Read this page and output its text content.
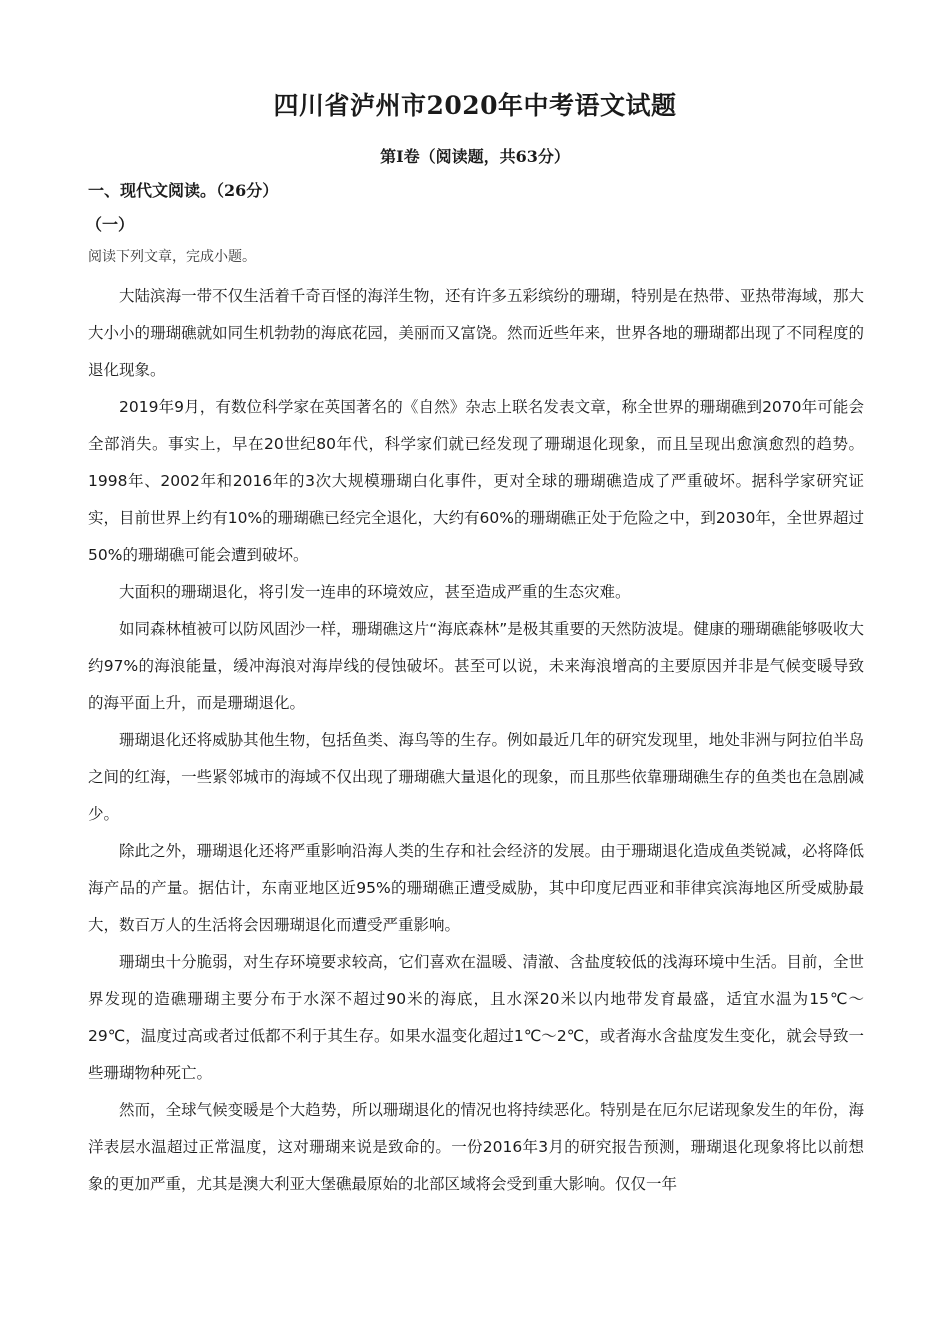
四川省泸州市2020年中考语文试题
第Ⅰ卷（阅读题，共63分）
一、现代文阅读。（26分）
（一）
阅读下列文章，完成小题。

大陆滨海一带不仅生活着千奇百怪的海洋生物，还有许多五彩缤纷的珊瑚，特别是在热带、亚热带海域，那大大小小的珊瑚礁就如同生机勃勃的海底花园，美丽而又富饶。然而近些年来，世界各地的珊瑚都出现了不同程度的退化现象。

2019年9月，有数位科学家在英国著名的《自然》杂志上联名发表文章，称全世界的珊瑚礁到2070年可能会全部消失。事实上，早在20世纪80年代，科学家们就已经发现了珊瑚退化现象，而且呈现出愈演愈烈的趋势。1998年、2002年和2016年的3次大规模珊瑚白化事件，更对全球的珊瑚礁造成了严重破坏。据科学家研究证实，目前世界上约有10%的珊瑚礁已经完全退化，大约有60%的珊瑚礁正处于危险之中，到2030年，全世界超过50%的珊瑚礁可能会遭到破坏。

大面积的珊瑚退化，将引发一连串的环境效应，甚至造成严重的生态灾难。

如同森林植被可以防风固沙一样，珊瑚礁这片“海底森林”是极其重要的天然防波堤。健康的珊瑚礁能够吸收大约97%的海浪能量，缓冲海浪对海岸线的侵蚀破坏。甚至可以说，未来海浪增高的主要原因并非是气候变暖导致的海平面上升，而是珊瑚退化。

珊瑚退化还将威胁其他生物，包括鱼类、海鸟等的生存。例如最近几年的研究发现里，地处非洲与阿拉伯半岛之间的红海，一些紧邻城市的海域不仅出现了珊瑚礁大量退化的现象，而且那些依靠珊瑚礁生存的鱼类也在急剧减少。

除此之外，珊瑚退化还将严重影响沿海人类的生存和社会经济的发展。由于珊瑚退化造成鱼类锐减，必将降低海产品的产量。据估计，东南亚地区近95%的珊瑚礁正遭受威胁，其中印度尼西亚和菲律宾滨海地区所受威胁最大，数百万人的生活将会因珊瑚退化而遭受严重影响。

珊瑚虫十分脆弱，对生存环境要求较高，它们喜欢在温暖、清澈、含盐度较低的浅海环境中生活。目前，全世界发现的造礁珊瑚主要分布于水深不超过90米的海底，且水深20米以内地带发育最盛，适宜水温为15℃～29℃，温度过高或者过低都不利于其生存。如果水温变化超过1℃～2℃，或者海水含盐度发生变化，就会导致一些珊瑚物种死亡。

然而，全球气候变暖是个大趋势，所以珊瑚退化的情况也将持续恶化。特别是在厄尔尼诺现象发生的年份，海洋表层水温超过正常温度，这对珊瑚来说是致命的。一份2016年3月的研究报告预测，珊瑚退化现象将比以前想象的更加严重，尤其是澳大利亚大堡礁最原始的北部区域将会受到重大影响。仅仅一年
